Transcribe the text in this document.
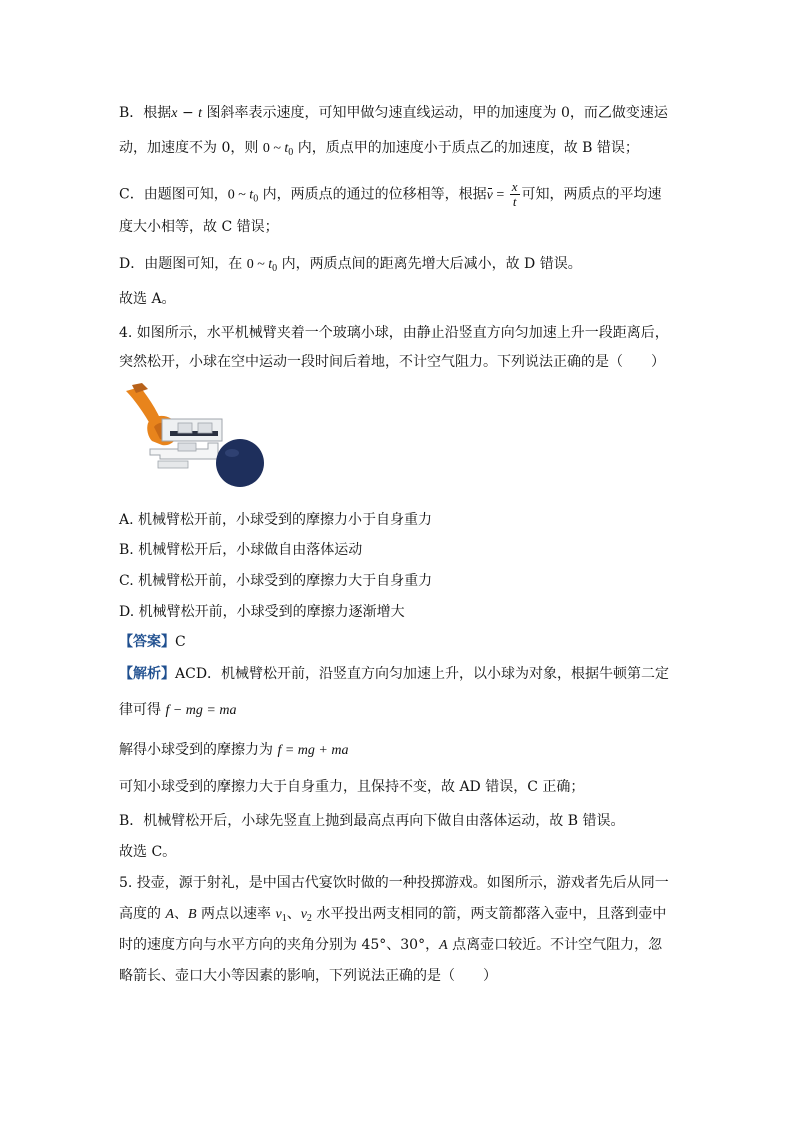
B．根据x − t 图斜率表示速度，可知甲做匀速直线运动，甲的加速度为 0，而乙做变速运
动，加速度不为 0，则 0 ~ $t_0$ 内，质点甲的加速度小于质点乙的加速度，故 B 错误；
C．由题图可知，0 ~ $t_0$ 内，两质点的通过的位移相等，根据$v = \frac{x}{t}$ 可知，两质点的平均速
度大小相等，故 C 错误；
D．由题图可知，在 0 ~ $t_0$ 内，两质点间的距离先增大后减小，故 D 错误。
故选 A。
4. 如图所示，水平机械臂夹着一个玻璃小球，由静止沿竖直方向匀加速上升一段距离后，
突然松开，小球在空中运动一段时间后着地，不计空气阻力。下列说法正确的是（　　）
A. 机械臂松开前，小球受到的摩擦力小于自身重力
B. 机械臂松开后，小球做自由落体运动
C. 机械臂松开前，小球受到的摩擦力大于自身重力
D. 机械臂松开前，小球受到的摩擦力逐渐增大
【答案】C
【解析】ACD．机械臂松开前，沿竖直方向匀加速上升，以小球为对象，根据牛顿第二定
律可得 f − mg = ma
解得小球受到的摩擦力为 f = mg + ma
可知小球受到的摩擦力大于自身重力，且保持不变，故 AD 错误，C 正确；
B．机械臂松开后，小球先竖直上抛到最高点再向下做自由落体运动，故 B 错误。
故选 C。
5. 投壶，源于射礼，是中国古代宴饮时做的一种投掷游戏。如图所示，游戏者先后从同一
高度的 A、B 两点以速率 $v_1$、$v_2$ 水平投出两支相同的箭，两支箭都落入壶中，且落到壶中
时的速度方向与水平方向的夹角分别为 45°、30°，A 点离壶口较近。不计空气阻力，忽
略箭长、壶口大小等因素的影响，下列说法正确的是（　　）
